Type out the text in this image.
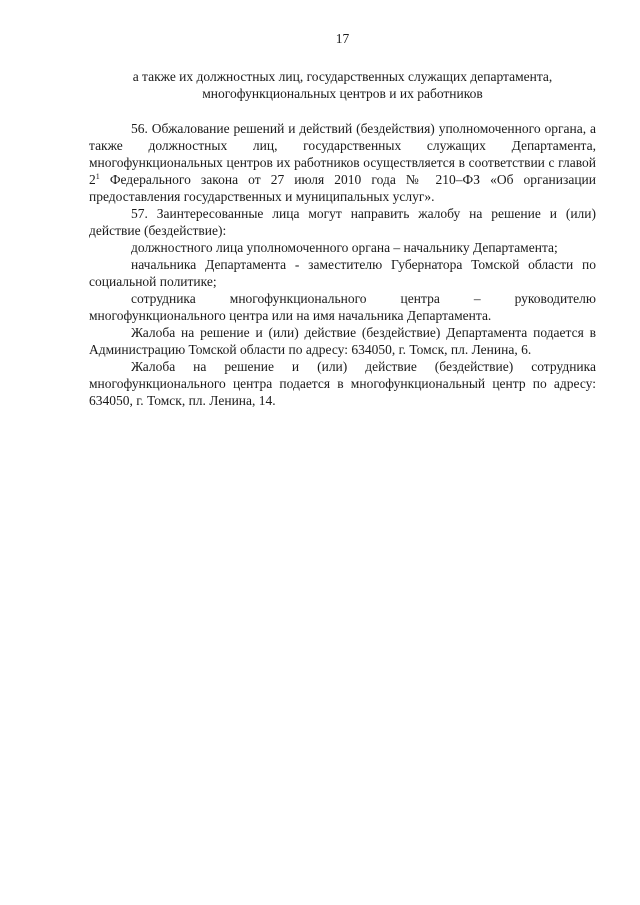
17
а также их должностных лиц, государственных служащих департамента,
многофункциональных центров и их работников

56. Обжалование решений и действий (бездействия) уполномоченного органа, а также должностных лиц, государственных служащих Департамента, многофункциональных центров их работников осуществляется в соответствии с главой $2^1$ Федерального закона от 27 июля 2010 года № 210–ФЗ «Об организации предоставления государственных и муниципальных услуг».

57. Заинтересованные лица могут направить жалобу на решение и (или) действие (бездействие):

должностного лица уполномоченного органа – начальнику Департамента;

начальника Департамента - заместителю Губернатора Томской области по социальной политике;

сотрудника многофункционального центра – руководителю многофункционального центра или на имя начальника Департамента.

Жалоба на решение и (или) действие (бездействие) Департамента подается в Администрацию Томской области по адресу: 634050, г. Томск, пл. Ленина, 6.

Жалоба на решение и (или) действие (бездействие) сотрудника многофункционального центра подается в многофункциональный центр по адресу: 634050, г. Томск, пл. Ленина, 14.
